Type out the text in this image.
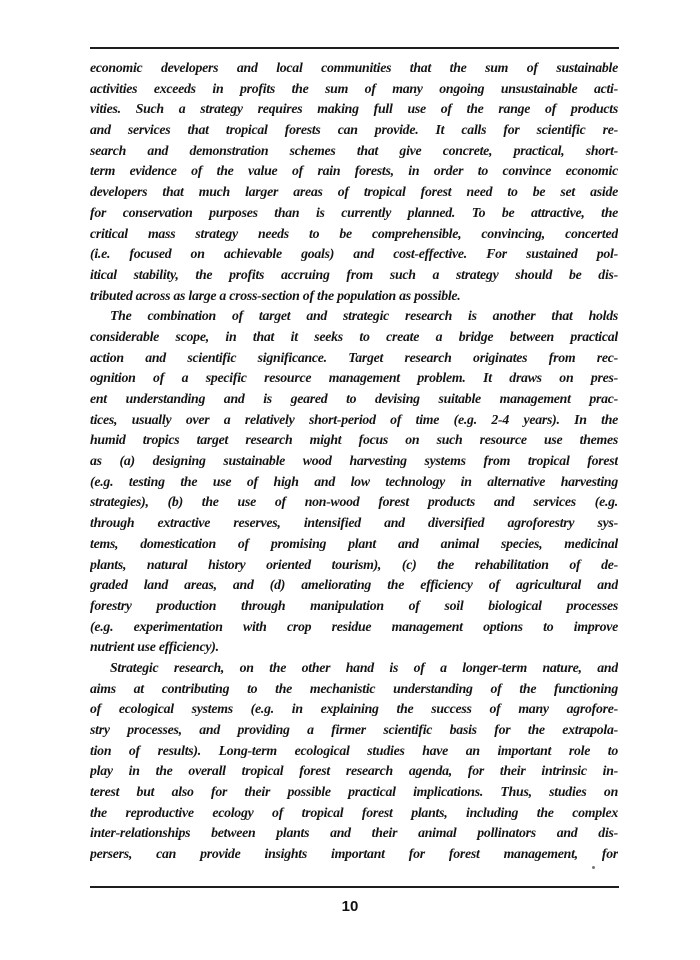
economic developers and local communities that the sum of sustainable
activities exceeds in profits the sum of many ongoing unsustainable acti-
vities. Such a strategy requires making full use of the range of products
and services that tropical forests can provide. It calls for scientific re-
search and demonstration schemes that give concrete, practical, short-
term evidence of the value of rain forests, in order to convince economic
developers that much larger areas of tropical forest need to be set aside
for conservation purposes than is currently planned. To be attractive, the
critical mass strategy needs to be comprehensible, convincing, concerted
(i.e. focused on achievable goals) and cost-effective. For sustained pol-
itical stability, the profits accruing from such a strategy should be dis-
tributed across as large a cross-section of the population as possible.
The combination of target and strategic research is another that holds
considerable scope, in that it seeks to create a bridge between practical
action and scientific significance. Target research originates from rec-
ognition of a specific resource management problem. It draws on pres-
ent understanding and is geared to devising suitable management prac-
tices, usually over a relatively short-period of time (e.g. 2-4 years). In the
humid tropics target research might focus on such resource use themes
as (a) designing sustainable wood harvesting systems from tropical forest
(e.g. testing the use of high and low technology in alternative harvesting
strategies), (b) the use of non-wood forest products and services (e.g.
through extractive reserves, intensified and diversified agroforestry sys-
tems, domestication of promising plant and animal species, medicinal
plants, natural history oriented tourism), (c) the rehabilitation of de-
graded land areas, and (d) ameliorating the efficiency of agricultural and
forestry production through manipulation of soil biological processes
(e.g. experimentation with crop residue management options to improve
nutrient use efficiency).
Strategic research, on the other hand is of a longer-term nature, and
aims at contributing to the mechanistic understanding of the functioning
of ecological systems (e.g. in explaining the success of many agrofore-
stry processes, and providing a firmer scientific basis for the extrapola-
tion of results). Long-term ecological studies have an important role to
play in the overall tropical forest research agenda, for their intrinsic in-
terest but also for their possible practical implications. Thus, studies on
the reproductive ecology of tropical forest plants, including the complex
inter-relationships between plants and their animal pollinators and dis-
persers, can provide insights important for forest management, for
10
